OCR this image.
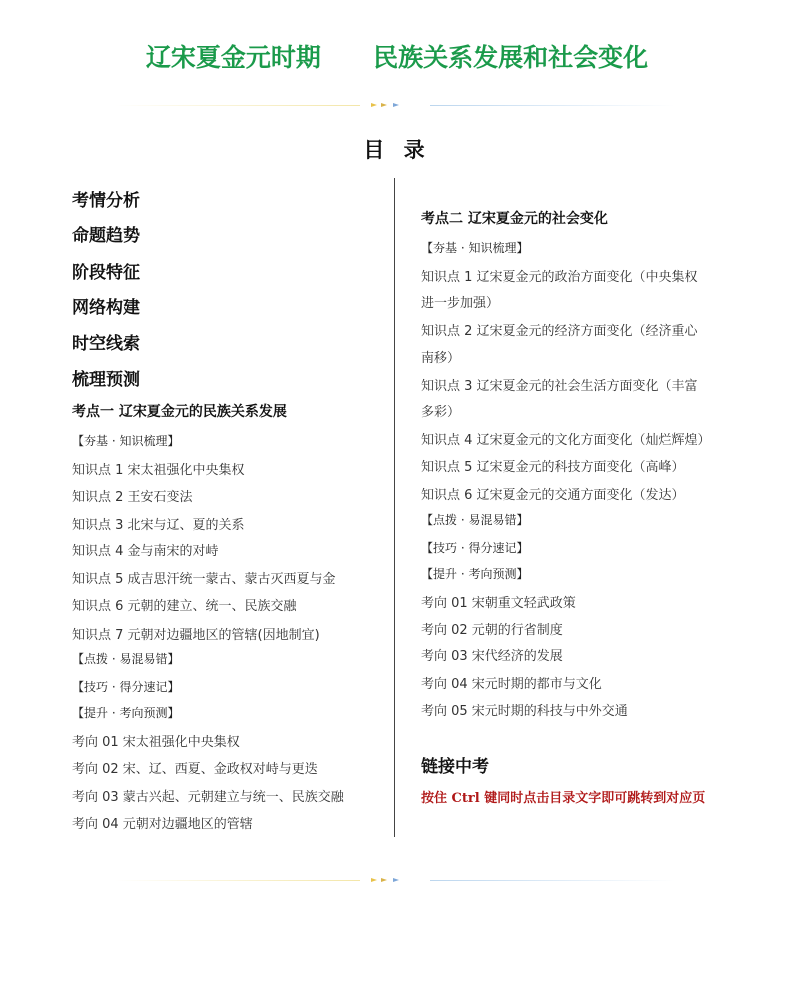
辽宋夏金元时期      民族关系发展和社会变化
目 录
考情分析
命题趋势
阶段特征
网络构建
时空线索
梳理预测
考点一 辽宋夏金元的民族关系发展
【夯基 · 知识梳理】
知识点 1 宋太祖强化中央集权
知识点 2 王安石变法
知识点 3 北宋与辽、夏的关系
知识点 4 金与南宋的对峙
知识点 5 成吉思汗统一蒙古、蒙古灭西夏与金
知识点 6 元朝的建立、统一、民族交融
知识点 7 元朝对边疆地区的管辖(因地制宜)
【点拨 · 易混易错】
【技巧 · 得分速记】
【提升 · 考向预测】
考向 01 宋太祖强化中央集权
考向 02 宋、辽、西夏、金政权对峙与更迭
考向 03 蒙古兴起、元朝建立与统一、民族交融
考向 04 元朝对边疆地区的管辖
考点二 辽宋夏金元的社会变化
【夯基 · 知识梳理】
知识点 1 辽宋夏金元的政治方面变化（中央集权
进一步加强）
知识点 2 辽宋夏金元的经济方面变化（经济重心
南移）
知识点 3 辽宋夏金元的社会生活方面变化（丰富
多彩）
知识点 4 辽宋夏金元的文化方面变化（灿烂辉煌）
知识点 5 辽宋夏金元的科技方面变化（高峰）
知识点 6 辽宋夏金元的交通方面变化（发达）
【点拨 · 易混易错】
【技巧 · 得分速记】
【提升 · 考向预测】
考向 01 宋朝重文轻武政策
考向 02 元朝的行省制度
考向 03 宋代经济的发展
考向 04 宋元时期的都市与文化
考向 05 宋元时期的科技与中外交通
链接中考
按住 Ctrl 键同时点击目录文字即可跳转到对应页
